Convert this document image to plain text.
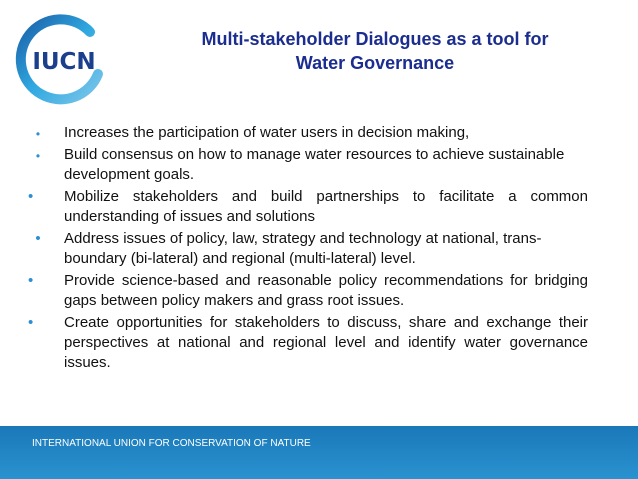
IUCN
Multi-stakeholder Dialogues as a tool for
Water Governance
•	Increases the participation of water users in decision making,
•	Build consensus on how to manage water resources to achieve sustainable development goals.
•	Mobilize stakeholders and build partnerships to facilitate a common understanding of issues and solutions
•	Address issues of policy, law, strategy and technology at national, trans-boundary (bi-lateral) and regional (multi-lateral) level.
•	Provide science-based and reasonable policy recommendations for bridging gaps between policy makers and grass root issues.
•	Create opportunities for stakeholders to discuss, share and exchange their perspectives at national and regional level and identify water governance issues.
INTERNATIONAL UNION FOR CONSERVATION OF NATURE
